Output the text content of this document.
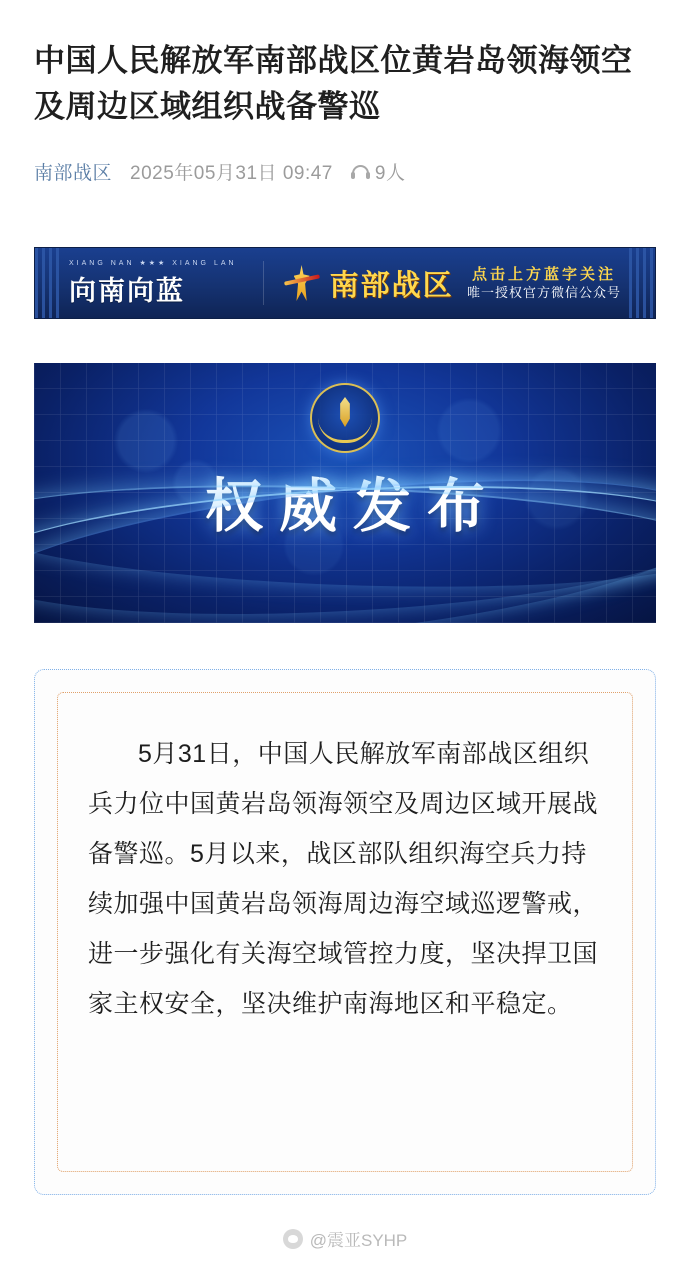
中国人民解放军南部战区位黄岩岛领海领空及周边区域组织战备警巡
南部战区 2025年05月31日 09:47 9人
XIANG NAN ★★★ XIANG LAN
向南向蓝	南部战区	点击上方蓝字关注
唯一授权官方微信公众号
权威发布

5月31日，中国人民解放军南部战区组织兵力位中国黄岩岛领海领空及周边区域开展战备警巡。5月以来，战区部队组织海空兵力持续加强中国黄岩岛领海周边海空域巡逻警戒，进一步强化有关海空域管控力度，坚决捍卫国家主权安全，坚决维护南海地区和平稳定。

@震亚SYHP
